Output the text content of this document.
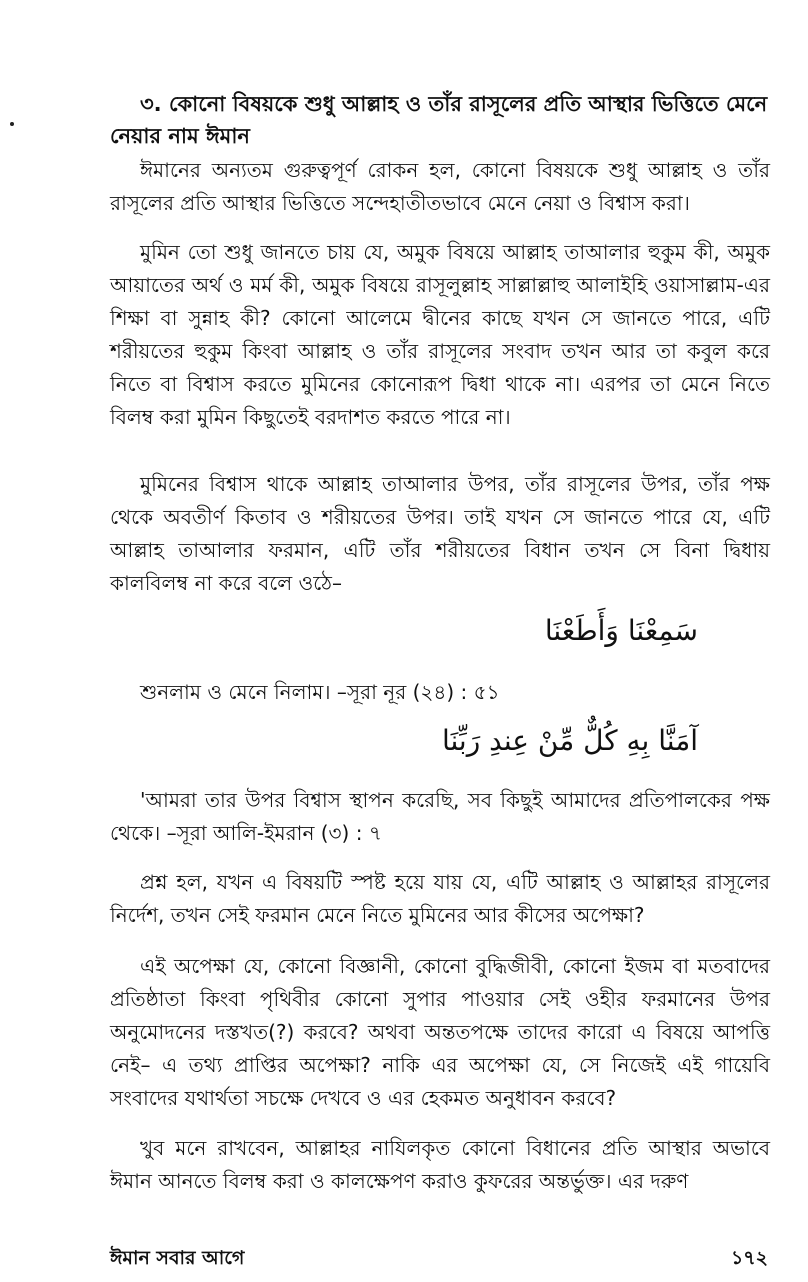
৩. কোনো বিষয়কে শুধু আল্লাহ ও তাঁর রাসূলের প্রতি আস্থার ভিত্তিতে মেনে নেয়ার নাম ঈমান
ঈমানের অন্যতম গুরুত্বপূর্ণ রোকন হল, কোনো বিষয়কে শুধু আল্লাহ ও তাঁর রাসূলের প্রতি আস্থার ভিত্তিতে সন্দেহাতীতভাবে মেনে নেয়া ও বিশ্বাস করা।
মুমিন তো শুধু জানতে চায় যে, অমুক বিষয়ে আল্লাহ তাআলার হুকুম কী, অমুক আয়াতের অর্থ ও মর্ম কী, অমুক বিষয়ে রাসূলুল্লাহ সাল্লাল্লাহু আলাইহি ওয়াসাল্লাম-এর শিক্ষা বা সুন্নাহ কী? কোনো আলেমে দ্বীনের কাছে যখন সে জানতে পারে, এটি শরীয়তের হুকুম কিংবা আল্লাহ ও তাঁর রাসূলের সংবাদ তখন আর তা কবুল করে নিতে বা বিশ্বাস করতে মুমিনের কোনোরূপ দ্বিধা থাকে না। এরপর তা মেনে নিতে বিলম্ব করা মুমিন কিছুতেই বরদাশত করতে পারে না।
মুমিনের বিশ্বাস থাকে আল্লাহ তাআলার উপর, তাঁর রাসূলের উপর, তাঁর পক্ষ থেকে অবতীর্ণ কিতাব ও শরীয়তের উপর। তাই যখন সে জানতে পারে যে, এটি আল্লাহ তাআলার ফরমান, এটি তাঁর শরীয়তের বিধান তখন সে বিনা দ্বিধায় কালবিলম্ব না করে বলে ওঠে–
سَمِعْنَا وَأَطَعْنَا
শুনলাম ও মেনে নিলাম। –সূরা নূর (২৪) : ৫১
آمَنَّا بِهِ كُلٌّ مِّنْ عِندِ رَبِّنَا
'আমরা তার উপর বিশ্বাস স্থাপন করেছি, সব কিছুই আমাদের প্রতিপালকের পক্ষ থেকে। –সূরা আলি-ইমরান (৩) : ৭
প্রশ্ন হল, যখন এ বিষয়টি স্পষ্ট হয়ে যায় যে, এটি আল্লাহ ও আল্লাহর রাসূলের নির্দেশ, তখন সেই ফরমান মেনে নিতে মুমিনের আর কীসের অপেক্ষা?
এই অপেক্ষা যে, কোনো বিজ্ঞানী, কোনো বুদ্ধিজীবী, কোনো ইজম বা মতবাদের প্রতিষ্ঠাতা কিংবা পৃথিবীর কোনো সুপার পাওয়ার সেই ওহীর ফরমানের উপর অনুমোদনের দস্তখত(?) করবে? অথবা অন্ততপক্ষে তাদের কারো এ বিষয়ে আপত্তি নেই– এ তথ্য প্রাপ্তির অপেক্ষা? নাকি এর অপেক্ষা যে, সে নিজেই এই গায়েবি সংবাদের যথার্থতা সচক্ষে দেখবে ও এর হেকমত অনুধাবন করবে?
খুব মনে রাখবেন, আল্লাহর নাযিলকৃত কোনো বিধানের প্রতি আস্থার অভাবে ঈমান আনতে বিলম্ব করা ও কালক্ষেপণ করাও কুফরের অন্তর্ভুক্ত। এর দরুণ
ঈমান সবার আগে	১৭২
